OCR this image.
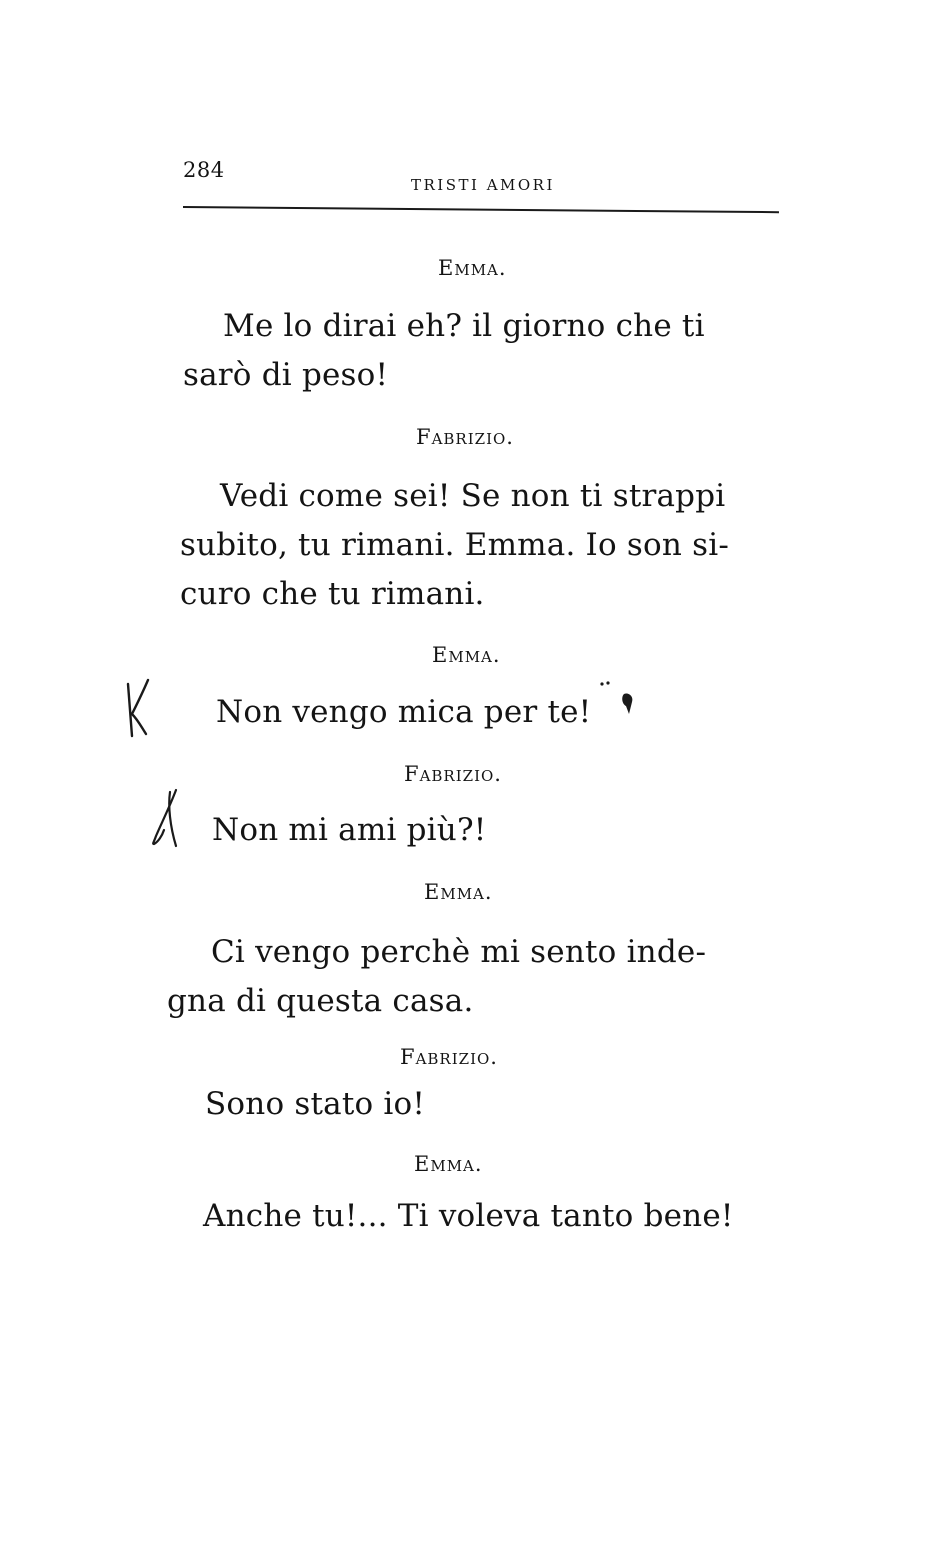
284
TRISTI AMORI
Emma.
Me lo dirai eh? il giorno che ti
sarò di peso!
Fabrizio.
Vedi come sei! Se non ti strappi
subito, tu rimani. Emma. Io son si-
curo che tu rimani.
Emma.
Non vengo mica per te!
Fabrizio.
Non mi ami più?!
Emma.
Ci vengo perchè mi sento inde-
gna di questa casa.
Fabrizio.
Sono stato io!
Emma.
Anche tu!... Ti voleva tanto bene!
